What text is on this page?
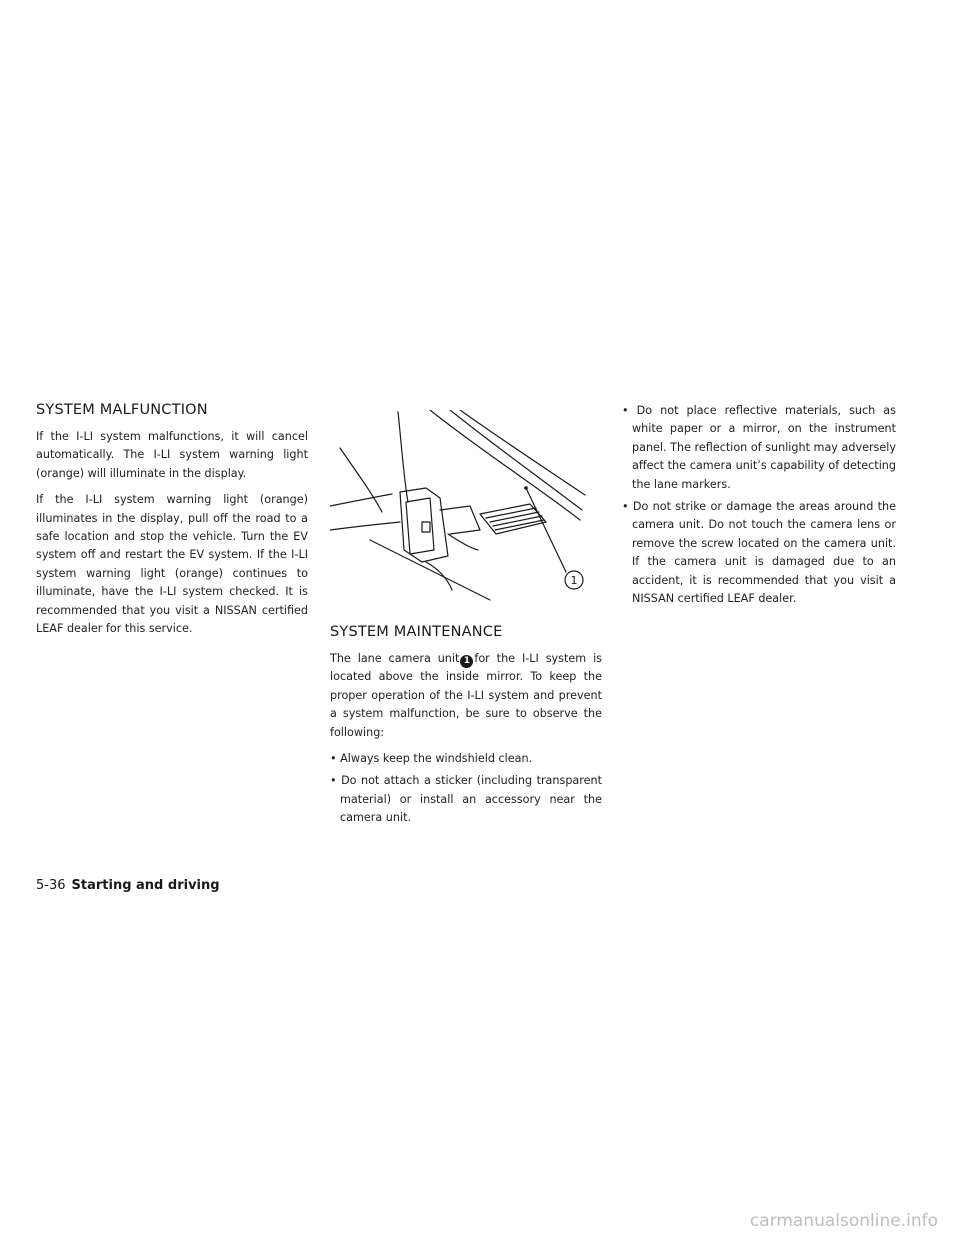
SYSTEM MALFUNCTION

If the I-LI system malfunctions, it will cancel automatically. The I-LI system warning light (orange) will illuminate in the display.

If the I-LI system warning light (orange) illuminates in the display, pull off the road to a safe location and stop the vehicle. Turn the EV system off and restart the EV system. If the I-LI system warning light (orange) continues to illuminate, have the I-LI system checked. It is recommended that you visit a NISSAN certified LEAF dealer for this service.

1
SYSTEM MAINTENANCE

The lane camera unit 1 for the I-LI system is located above the inside mirror. To keep the proper operation of the I-LI system and prevent a system malfunction, be sure to observe the following:

• Always keep the windshield clean.
• Do not attach a sticker (including transparent material) or install an accessory near the camera unit.
• Do not place reflective materials, such as white paper or a mirror, on the instrument panel. The reflection of sunlight may adversely affect the camera unit’s capability of detecting the lane markers.
• Do not strike or damage the areas around the camera unit. Do not touch the camera lens or remove the screw located on the camera unit. If the camera unit is damaged due to an accident, it is recommended that you visit a NISSAN certified LEAF dealer.
5-36 Starting and driving
carmanualsonline.info
